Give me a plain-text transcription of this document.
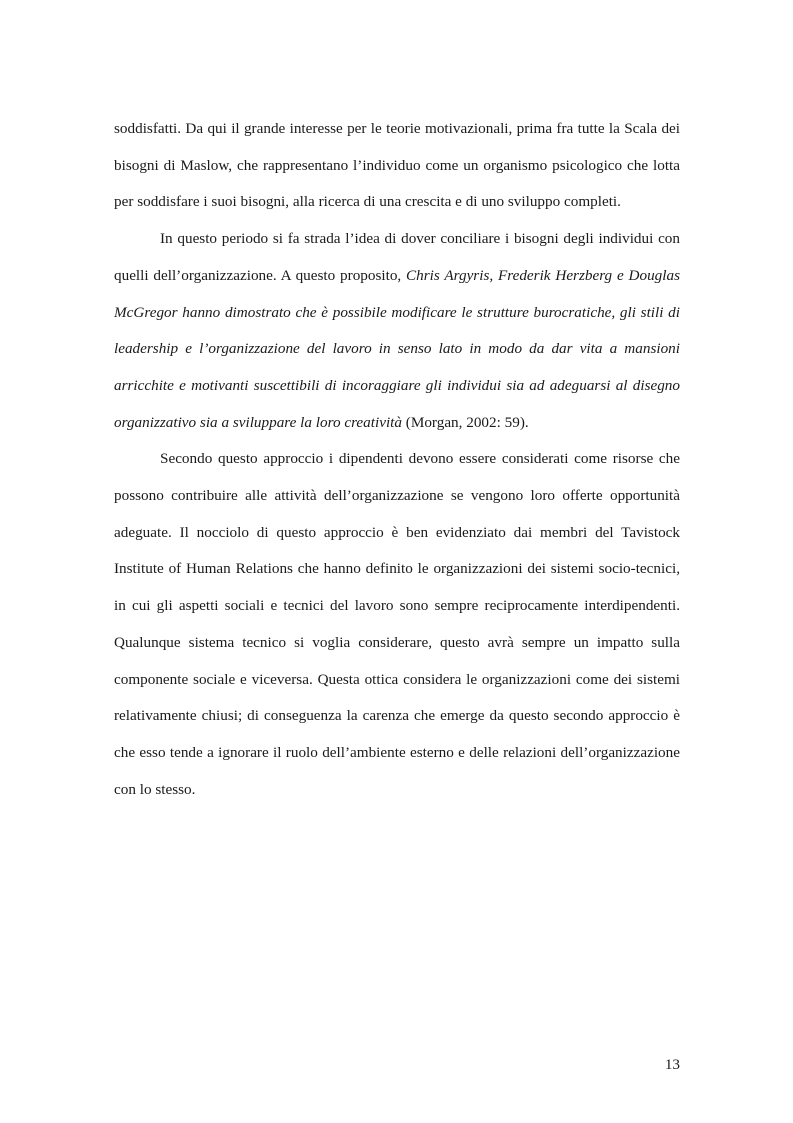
soddisfatti. Da qui il grande interesse per le teorie motivazionali, prima fra tutte la Scala dei bisogni di Maslow, che rappresentano l’individuo come un organismo psicologico che lotta per soddisfare i suoi bisogni, alla ricerca di una crescita e di uno sviluppo completi.

In questo periodo si fa strada l’idea di dover conciliare i bisogni degli individui con quelli dell’organizzazione. A questo proposito, Chris Argyris, Frederik Herzberg e Douglas McGregor hanno dimostrato che è possibile modificare le strutture burocratiche, gli stili di leadership e l’organizzazione del lavoro in senso lato in modo da dar vita a mansioni arricchite e motivanti suscettibili di incoraggiare gli individui sia ad adeguarsi al disegno organizzativo sia a sviluppare la loro creatività (Morgan, 2002: 59).

Secondo questo approccio i dipendenti devono essere considerati come risorse che possono contribuire alle attività dell’organizzazione se vengono loro offerte opportunità adeguate. Il nocciolo di questo approccio è ben evidenziato dai membri del Tavistock Institute of Human Relations che hanno definito le organizzazioni dei sistemi socio-tecnici, in cui gli aspetti sociali e tecnici del lavoro sono sempre reciprocamente interdipendenti. Qualunque sistema tecnico si voglia considerare, questo avrà sempre un impatto sulla componente sociale e viceversa. Questa ottica considera le organizzazioni come dei sistemi relativamente chiusi; di conseguenza la carenza che emerge da questo secondo approccio è che esso tende a ignorare il ruolo dell’ambiente esterno e delle relazioni dell’organizzazione con lo stesso.

13
